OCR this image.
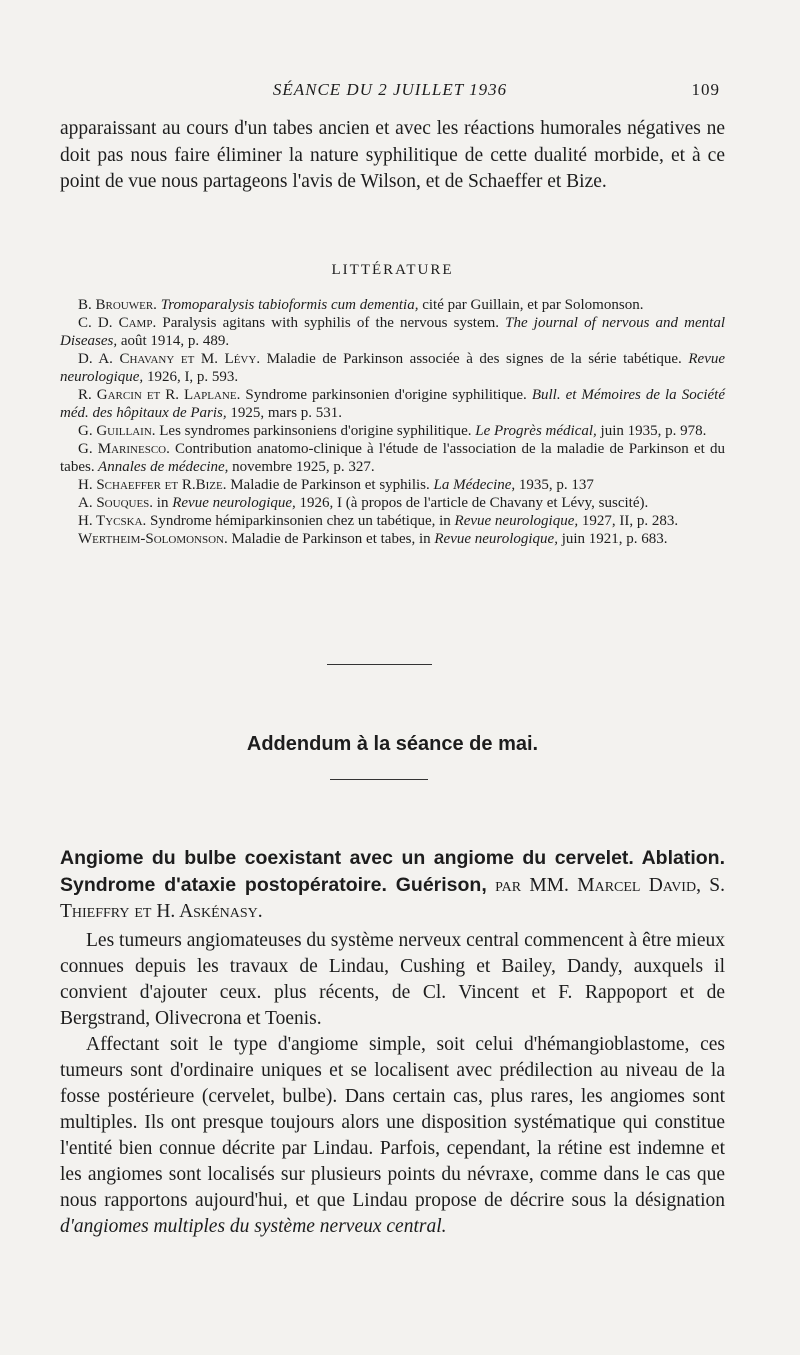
SÉANCE DU 2 JUILLET 1936	109
apparaissant au cours d'un tabes ancien et avec les réactions humorales négatives ne doit pas nous faire éliminer la nature syphilitique de cette dualité morbide, et à ce point de vue nous partageons l'avis de Wilson, et de Schaeffer et Bize.
LITTÉRATURE

B. Brouwer. Tromoparalysis tabioformis cum dementia, cité par Guillain, et par Solomonson.

C. D. Camp. Paralysis agitans with syphilis of the nervous system. The journal of nervous and mental Diseases, août 1914, p. 489.

D. A. Chavany et M. Lévy. Maladie de Parkinson associée à des signes de la série tabétique. Revue neurologique, 1926, I, p. 593.

R. Garcin et R. Laplane. Syndrome parkinsonien d'origine syphilitique. Bull. et Mémoires de la Société méd. des hôpitaux de Paris, 1925, mars p. 531.

G. Guillain. Les syndromes parkinsoniens d'origine syphilitique. Le Progrès médical, juin 1935, p. 978.

G. Marinesco. Contribution anatomo-clinique à l'étude de l'association de la maladie de Parkinson et du tabes. Annales de médecine, novembre 1925, p. 327.

H. Schaeffer et R.Bize. Maladie de Parkinson et syphilis. La Médecine, 1935, p. 137

A. Souques. in Revue neurologique, 1926, I (à propos de l'article de Chavany et Lévy, suscité).

H. Tycska. Syndrome hémiparkinsonien chez un tabétique, in Revue neurologique, 1927, II, p. 283.

Wertheim-Solomonson. Maladie de Parkinson et tabes, in Revue neurologique, juin 1921, p. 683.

Addendum à la séance de mai.
Angiome du bulbe coexistant avec un angiome du cervelet. Ablation. Syndrome d'ataxie postopératoire. Guérison, par MM. Marcel David, S. Thieffry et H. Askénasy.

Les tumeurs angiomateuses du système nerveux central commencent à être mieux connues depuis les travaux de Lindau, Cushing et Bailey, Dandy, auxquels il convient d'ajouter ceux. plus récents, de Cl. Vincent et F. Rappoport et de Bergstrand, Olivecrona et Toenis.

Affectant soit le type d'angiome simple, soit celui d'hémangioblastome, ces tumeurs sont d'ordinaire uniques et se localisent avec prédilection au niveau de la fosse postérieure (cervelet, bulbe). Dans certain cas, plus rares, les angiomes sont multiples. Ils ont presque toujours alors une disposition systématique qui constitue l'entité bien connue décrite par Lindau. Parfois, cependant, la rétine est indemne et les angiomes sont localisés sur plusieurs points du névraxe, comme dans le cas que nous rapportons aujourd'hui, et que Lindau propose de décrire sous la désignation d'angiomes multiples du système nerveux central.
